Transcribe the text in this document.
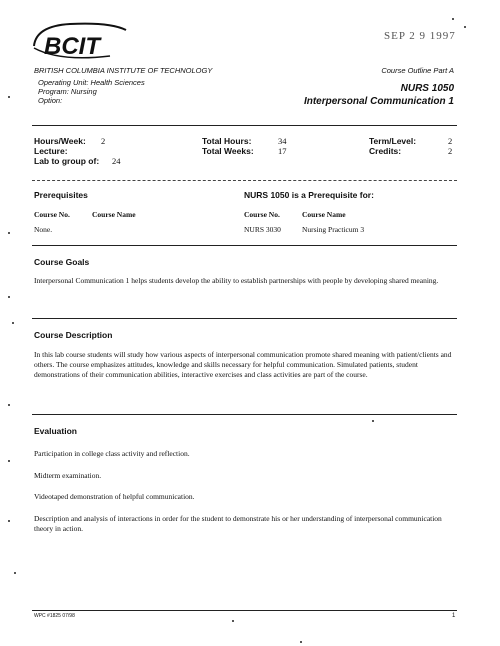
BCIT	SEP 2 9 1997
BRITISH COLUMBIA INSTITUTE OF TECHNOLOGY
Operating Unit: Health Sciences
Program: Nursing
Option:
Course Outline Part A
NURS 1050
Interpersonal Communication 1
Hours/Week: 2
Lecture:
Lab to group of: 24
Total Hours:	34
Total Weeks:	17
Term/Level:	2
Credits:	2
Prerequisites
Course No.	Course Name
None.
NURS 1050 is a Prerequisite for:
Course No.	Course Name
NURS 3030	Nursing Practicum 3
Course Goals
Interpersonal Communication 1 helps students develop the ability to establish partnerships with people by developing shared meaning.
Course Description
In this lab course students will study how various aspects of interpersonal communication promote shared meaning with patient/clients and others. The course emphasizes attitudes, knowledge and skills necessary for helpful communication. Simulated patients, student demonstrations of their communication abilities, interactive exercises and class activities are part of the course.
Evaluation
Participation in college class activity and reflection.
Midterm examination.
Videotaped demonstration of helpful communication.
Description and analysis of interactions in order for the student to demonstrate his or her understanding of interpersonal communication theory in action.
WPC #1825 07/98	1
